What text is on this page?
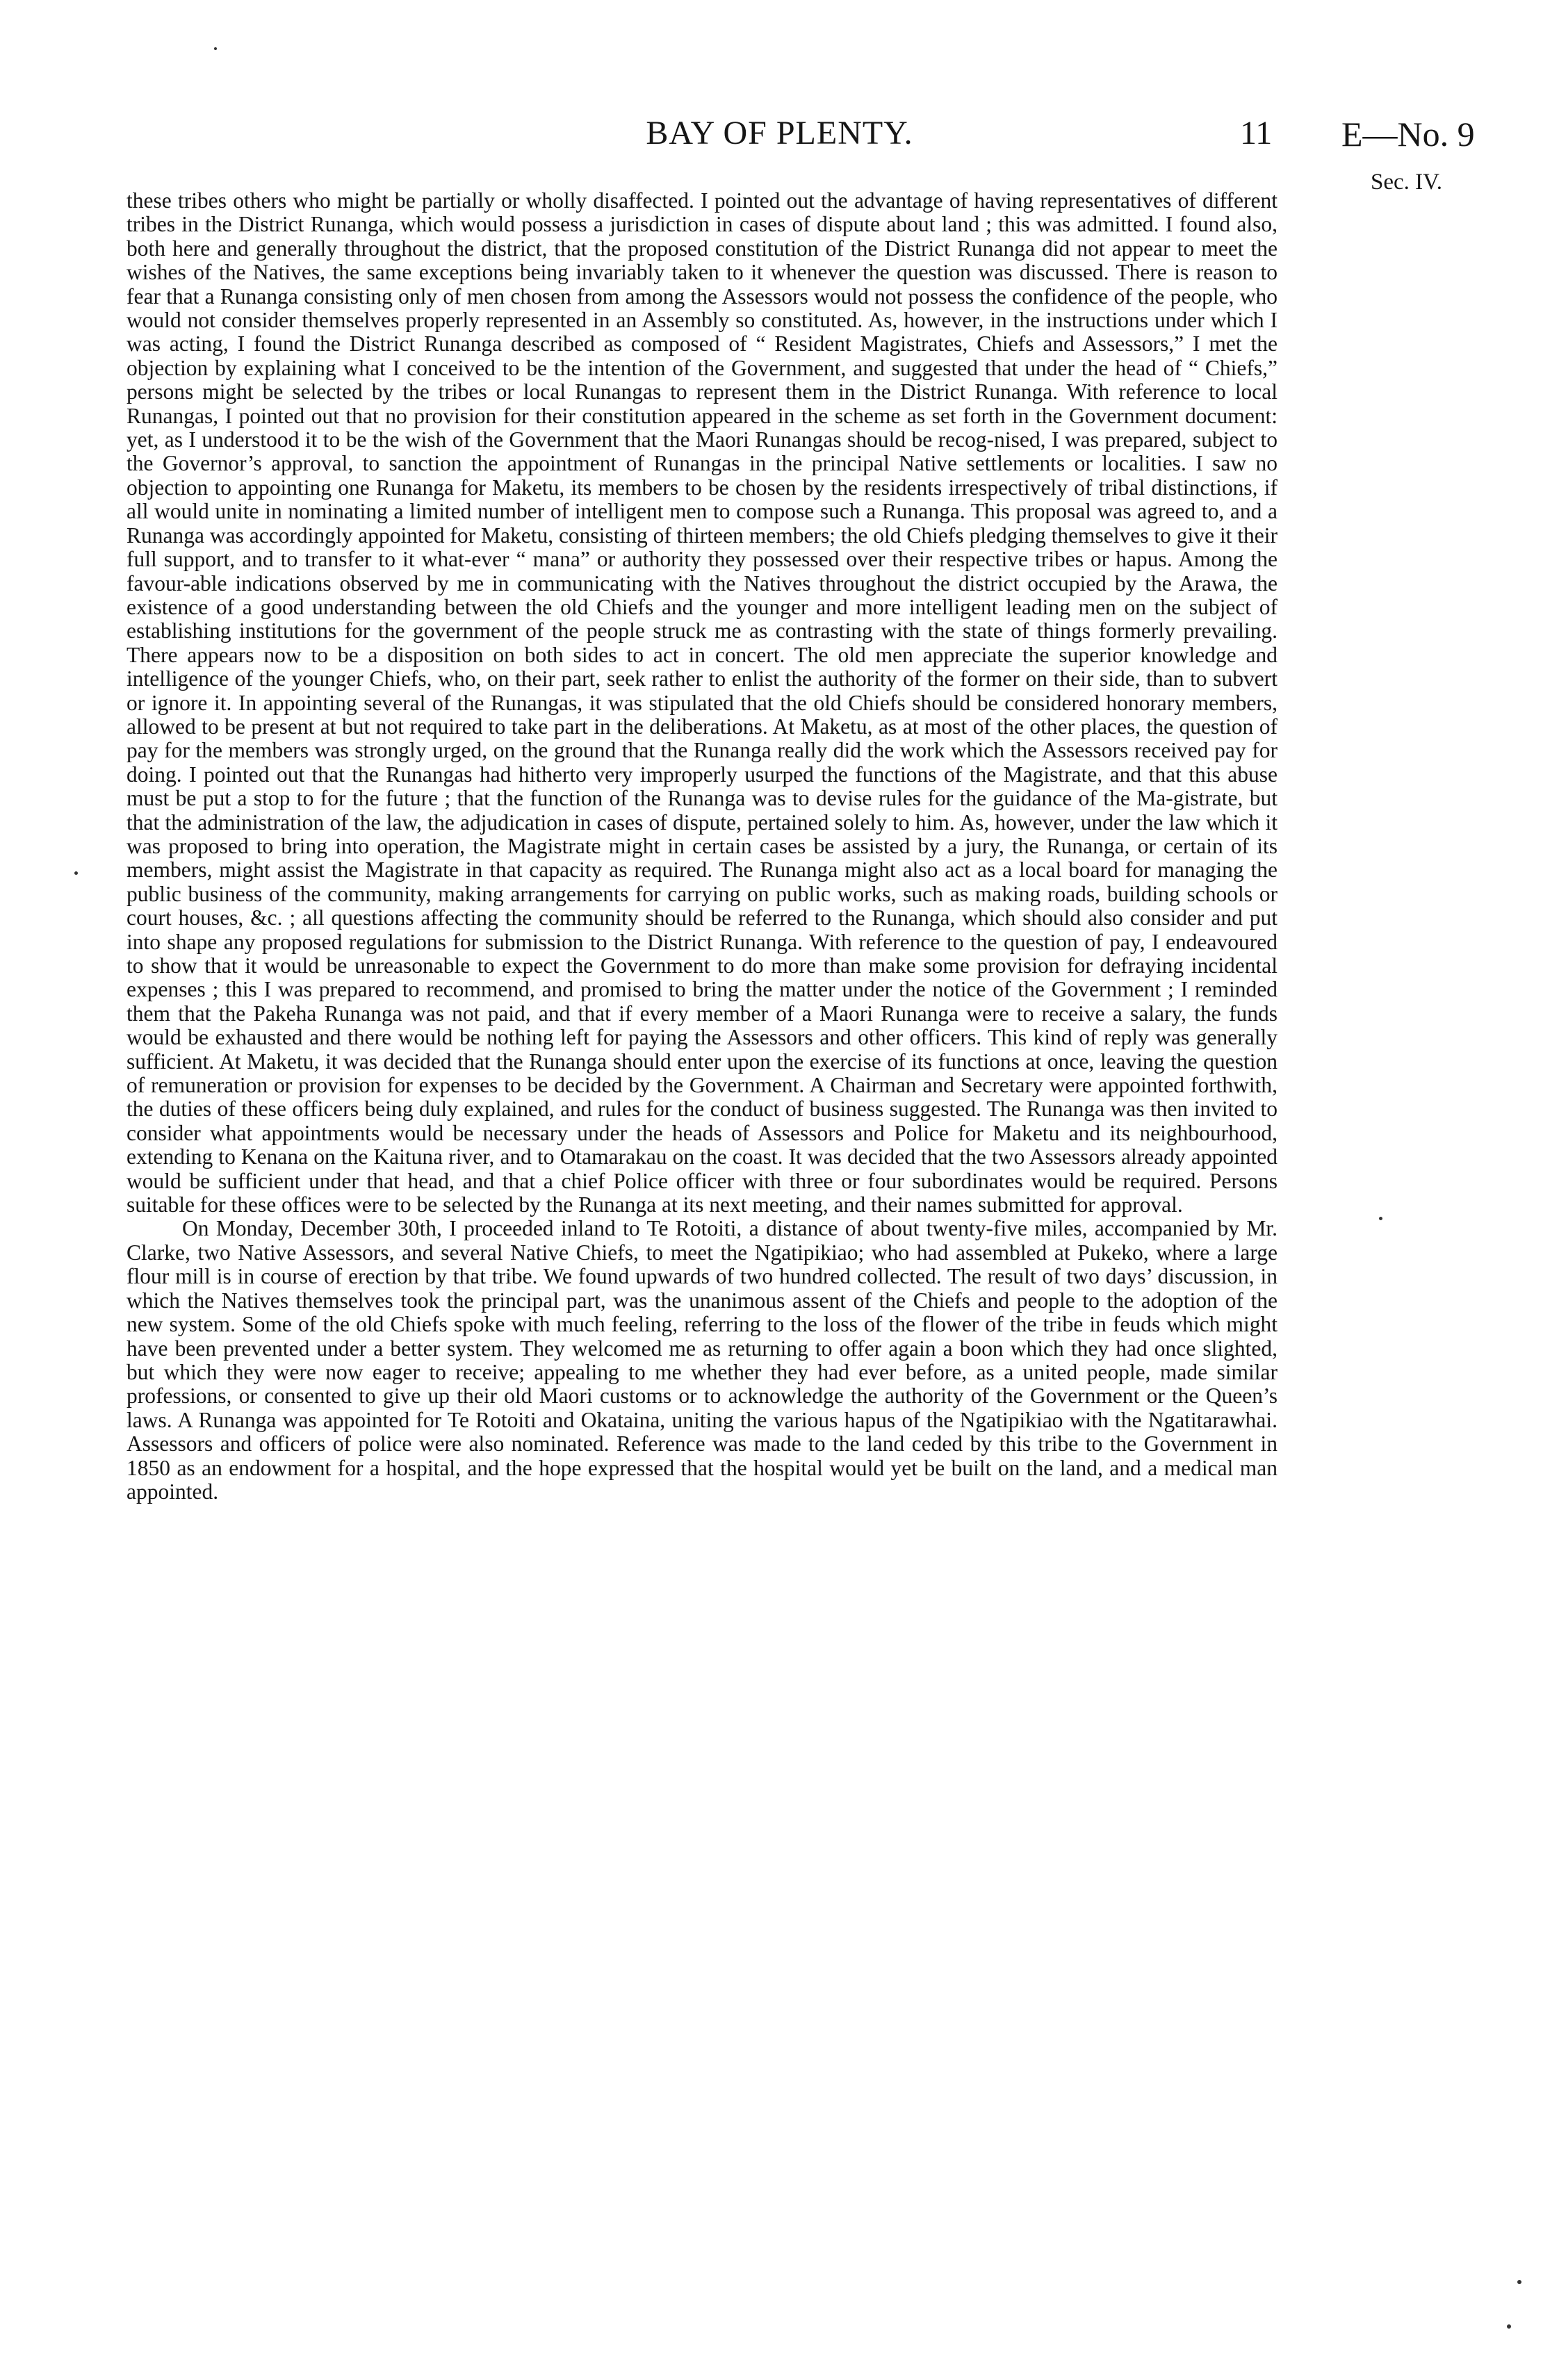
BAY OF PLENTY.	11 E—No. 9
Sec. IV.

these tribes others who might be partially or wholly disaffected. I pointed out the advantage of having representatives of different tribes in the District Runanga, which would possess a jurisdiction in cases of dispute about land ; this was admitted. I found also, both here and generally throughout the district, that the proposed constitution of the District Runanga did not appear to meet the wishes of the Natives, the same exceptions being invariably taken to it whenever the question was discussed. There is reason to fear that a Runanga consisting only of men chosen from among the Assessors would not possess the confidence of the people, who would not consider themselves properly represented in an Assembly so constituted. As, however, in the instructions under which I was acting, I found the District Runanga described as composed of “ Resident Magistrates, Chiefs and Assessors,” I met the objection by explaining what I conceived to be the intention of the Government, and suggested that under the head of “ Chiefs,” persons might be selected by the tribes or local Runangas to represent them in the District Runanga. With reference to local Runangas, I pointed out that no provision for their constitution appeared in the scheme as set forth in the Government document: yet, as I understood it to be the wish of the Government that the Maori Runangas should be recog-nised, I was prepared, subject to the Governor’s approval, to sanction the appointment of Runangas in the principal Native settlements or localities. I saw no objection to appointing one Runanga for Maketu, its members to be chosen by the residents irrespectively of tribal distinctions, if all would unite in nominating a limited number of intelligent men to compose such a Runanga. This proposal was agreed to, and a Runanga was accordingly appointed for Maketu, consisting of thirteen members; the old Chiefs pledging themselves to give it their full support, and to transfer to it what-ever “ mana” or authority they possessed over their respective tribes or hapus. Among the favour-able indications observed by me in communicating with the Natives throughout the district occupied by the Arawa, the existence of a good understanding between the old Chiefs and the younger and more intelligent leading men on the subject of establishing institutions for the government of the people struck me as contrasting with the state of things formerly prevailing. There appears now to be a disposition on both sides to act in concert. The old men appreciate the superior knowledge and intelligence of the younger Chiefs, who, on their part, seek rather to enlist the authority of the former on their side, than to subvert or ignore it. In appointing several of the Runangas, it was stipulated that the old Chiefs should be considered honorary members, allowed to be present at but not required to take part in the deliberations. At Maketu, as at most of the other places, the question of pay for the members was strongly urged, on the ground that the Runanga really did the work which the Assessors received pay for doing. I pointed out that the Runangas had hitherto very improperly usurped the functions of the Magistrate, and that this abuse must be put a stop to for the future ; that the function of the Runanga was to devise rules for the guidance of the Ma-gistrate, but that the administration of the law, the adjudication in cases of dispute, pertained solely to him. As, however, under the law which it was proposed to bring into operation, the Magistrate might in certain cases be assisted by a jury, the Runanga, or certain of its members, might assist the Magistrate in that capacity as required. The Runanga might also act as a local board for managing the public business of the community, making arrangements for carrying on public works, such as making roads, building schools or court houses, &c. ; all questions affecting the community should be referred to the Runanga, which should also consider and put into shape any proposed regulations for submission to the District Runanga. With reference to the question of pay, I endeavoured to show that it would be unreasonable to expect the Government to do more than make some provision for defraying incidental expenses ; this I was prepared to recommend, and promised to bring the matter under the notice of the Government ; I reminded them that the Pakeha Runanga was not paid, and that if every member of a Maori Runanga were to receive a salary, the funds would be exhausted and there would be nothing left for paying the Assessors and other officers. This kind of reply was generally sufficient. At Maketu, it was decided that the Runanga should enter upon the exercise of its functions at once, leaving the question of remuneration or provision for expenses to be decided by the Government. A Chairman and Secretary were appointed forthwith, the duties of these officers being duly explained, and rules for the conduct of business suggested. The Runanga was then invited to consider what appointments would be necessary under the heads of Assessors and Police for Maketu and its neighbourhood, extending to Kenana on the Kaituna river, and to Otamarakau on the coast. It was decided that the two Assessors already appointed would be sufficient under that head, and that a chief Police officer with three or four subordinates would be required. Persons suitable for these offices were to be selected by the Runanga at its next meeting, and their names submitted for approval.

On Monday, December 30th, I proceeded inland to Te Rotoiti, a distance of about twenty-five miles, accompanied by Mr. Clarke, two Native Assessors, and several Native Chiefs, to meet the Ngatipikiao; who had assembled at Pukeko, where a large flour mill is in course of erection by that tribe. We found upwards of two hundred collected. The result of two days’ discussion, in which the Natives themselves took the principal part, was the unanimous assent of the Chiefs and people to the adoption of the new system. Some of the old Chiefs spoke with much feeling, referring to the loss of the flower of the tribe in feuds which might have been prevented under a better system. They welcomed me as returning to offer again a boon which they had once slighted, but which they were now eager to receive; appealing to me whether they had ever before, as a united people, made similar professions, or consented to give up their old Maori customs or to acknowledge the authority of the Government or the Queen’s laws. A Runanga was appointed for Te Rotoiti and Okataina, uniting the various hapus of the Ngatipikiao with the Ngatitarawhai. Assessors and officers of police were also nominated. Reference was made to the land ceded by this tribe to the Government in 1850 as an endowment for a hospital, and the hope expressed that the hospital would yet be built on the land, and a medical man appointed.
